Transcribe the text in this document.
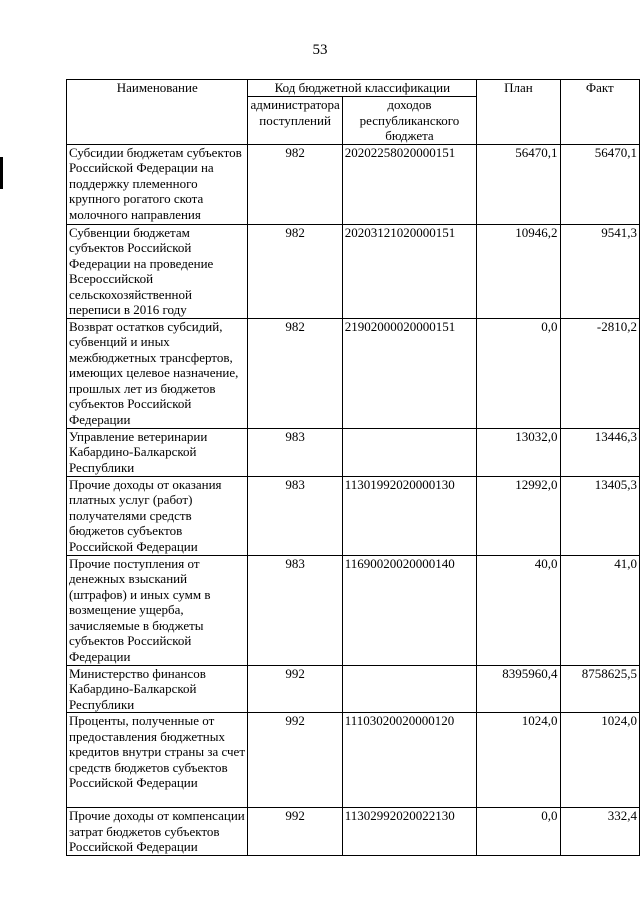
53
Наименование	Код бюджетной классификации		План	Факт
	администратора поступлений	доходов республиканского бюджета		
Субсидии бюджетам субъектов Российской Федерации на поддержку племенного крупного рогатого скота молочного направления	982	20202258020000151	56470,1	56470,1
Субвенции бюджетам субъектов Российской Федерации на проведение Всероссийской сельскохозяйственной переписи в 2016 году	982	20203121020000151	10946,2	9541,3
Возврат остатков субсидий, субвенций и иных межбюджетных трансфертов, имеющих целевое назначение, прошлых лет из бюджетов субъектов Российской Федерации	982	21902000020000151	0,0	-2810,2
Управление ветеринарии Кабардино-Балкарской Республики	983		13032,0	13446,3
Прочие доходы от оказания платных услуг (работ) получателями средств бюджетов субъектов Российской Федерации	983	11301992020000130	12992,0	13405,3
Прочие поступления от денежных взысканий (штрафов) и иных сумм в возмещение ущерба, зачисляемые в бюджеты субъектов Российской Федерации	983	11690020020000140	40,0	41,0
Министерство финансов Кабардино-Балкарской Республики	992		8395960,4	8758625,5
Проценты, полученные от предоставления бюджетных кредитов внутри страны за счет средств бюджетов субъектов Российской Федерации	992	11103020020000120	1024,0	1024,0
Прочие доходы от компенсации затрат бюджетов субъектов Российской Федерации	992	11302992020022130	0,0	332,4
